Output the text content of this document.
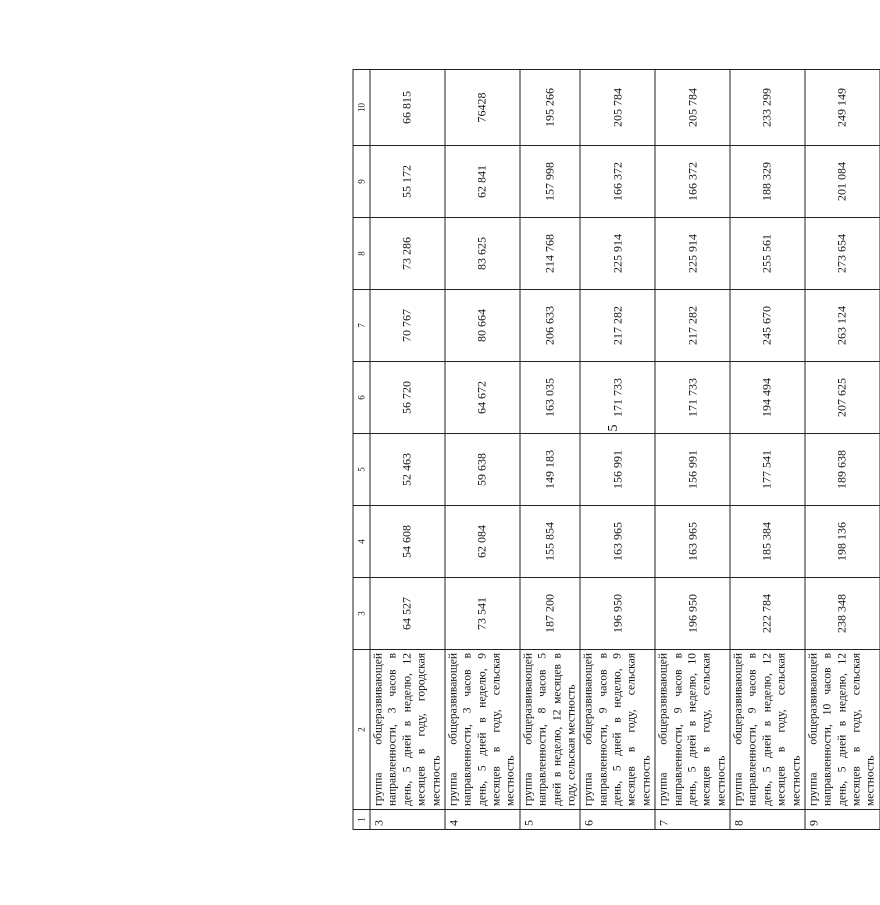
5
1	2	3	4	5	6	7	8	9	10
3	группа общеразвивающей направленности, 3 часов в день, 5 дней в неделю, 12 месяцев в году, городская местность	64 527	54 608	52 463	56 720	70 767	73 286	55 172	66 815
4	группа общеразвивающей направленности, 3 часов в день, 5 дней в неделю, 9 месяцев в году, сельская местность	73 541	62 084	59 638	64 672	80 664	83 625	62 841	76428
5	группа общеразвивающей направленности, 8 часов 5 дней в неделю, 12 месяцев в году, сельская местность	187 200	155 854	149 183	163 035	206 633	214 768	157 998	195 266
6	группа общеразвивающей направленности, 9 часов в день, 5 дней в неделю, 9 месяцев в году, сельская местность	196 950	163 965	156 991	171 733	217 282	225 914	166 372	205 784
7	группа общеразвивающей направленности, 9 часов в день, 5 дней в неделю, 10 месяцев в году, сельская местность	196 950	163 965	156 991	171 733	217 282	225 914	166 372	205 784
8	группа общеразвивающей направленности, 9 часов в день, 5 дней в неделю, 12 месяцев в году, сельская местность	222 784	185 384	177 541	194 494	245 670	255 561	188 329	233 299
9	группа общеразвивающей направленности, 10 часов в день, 5 дней в неделю, 12 месяцев в году, сельская местность	238 348	198 136	189 638	207 625	263 124	273 654	201 084	249 149
